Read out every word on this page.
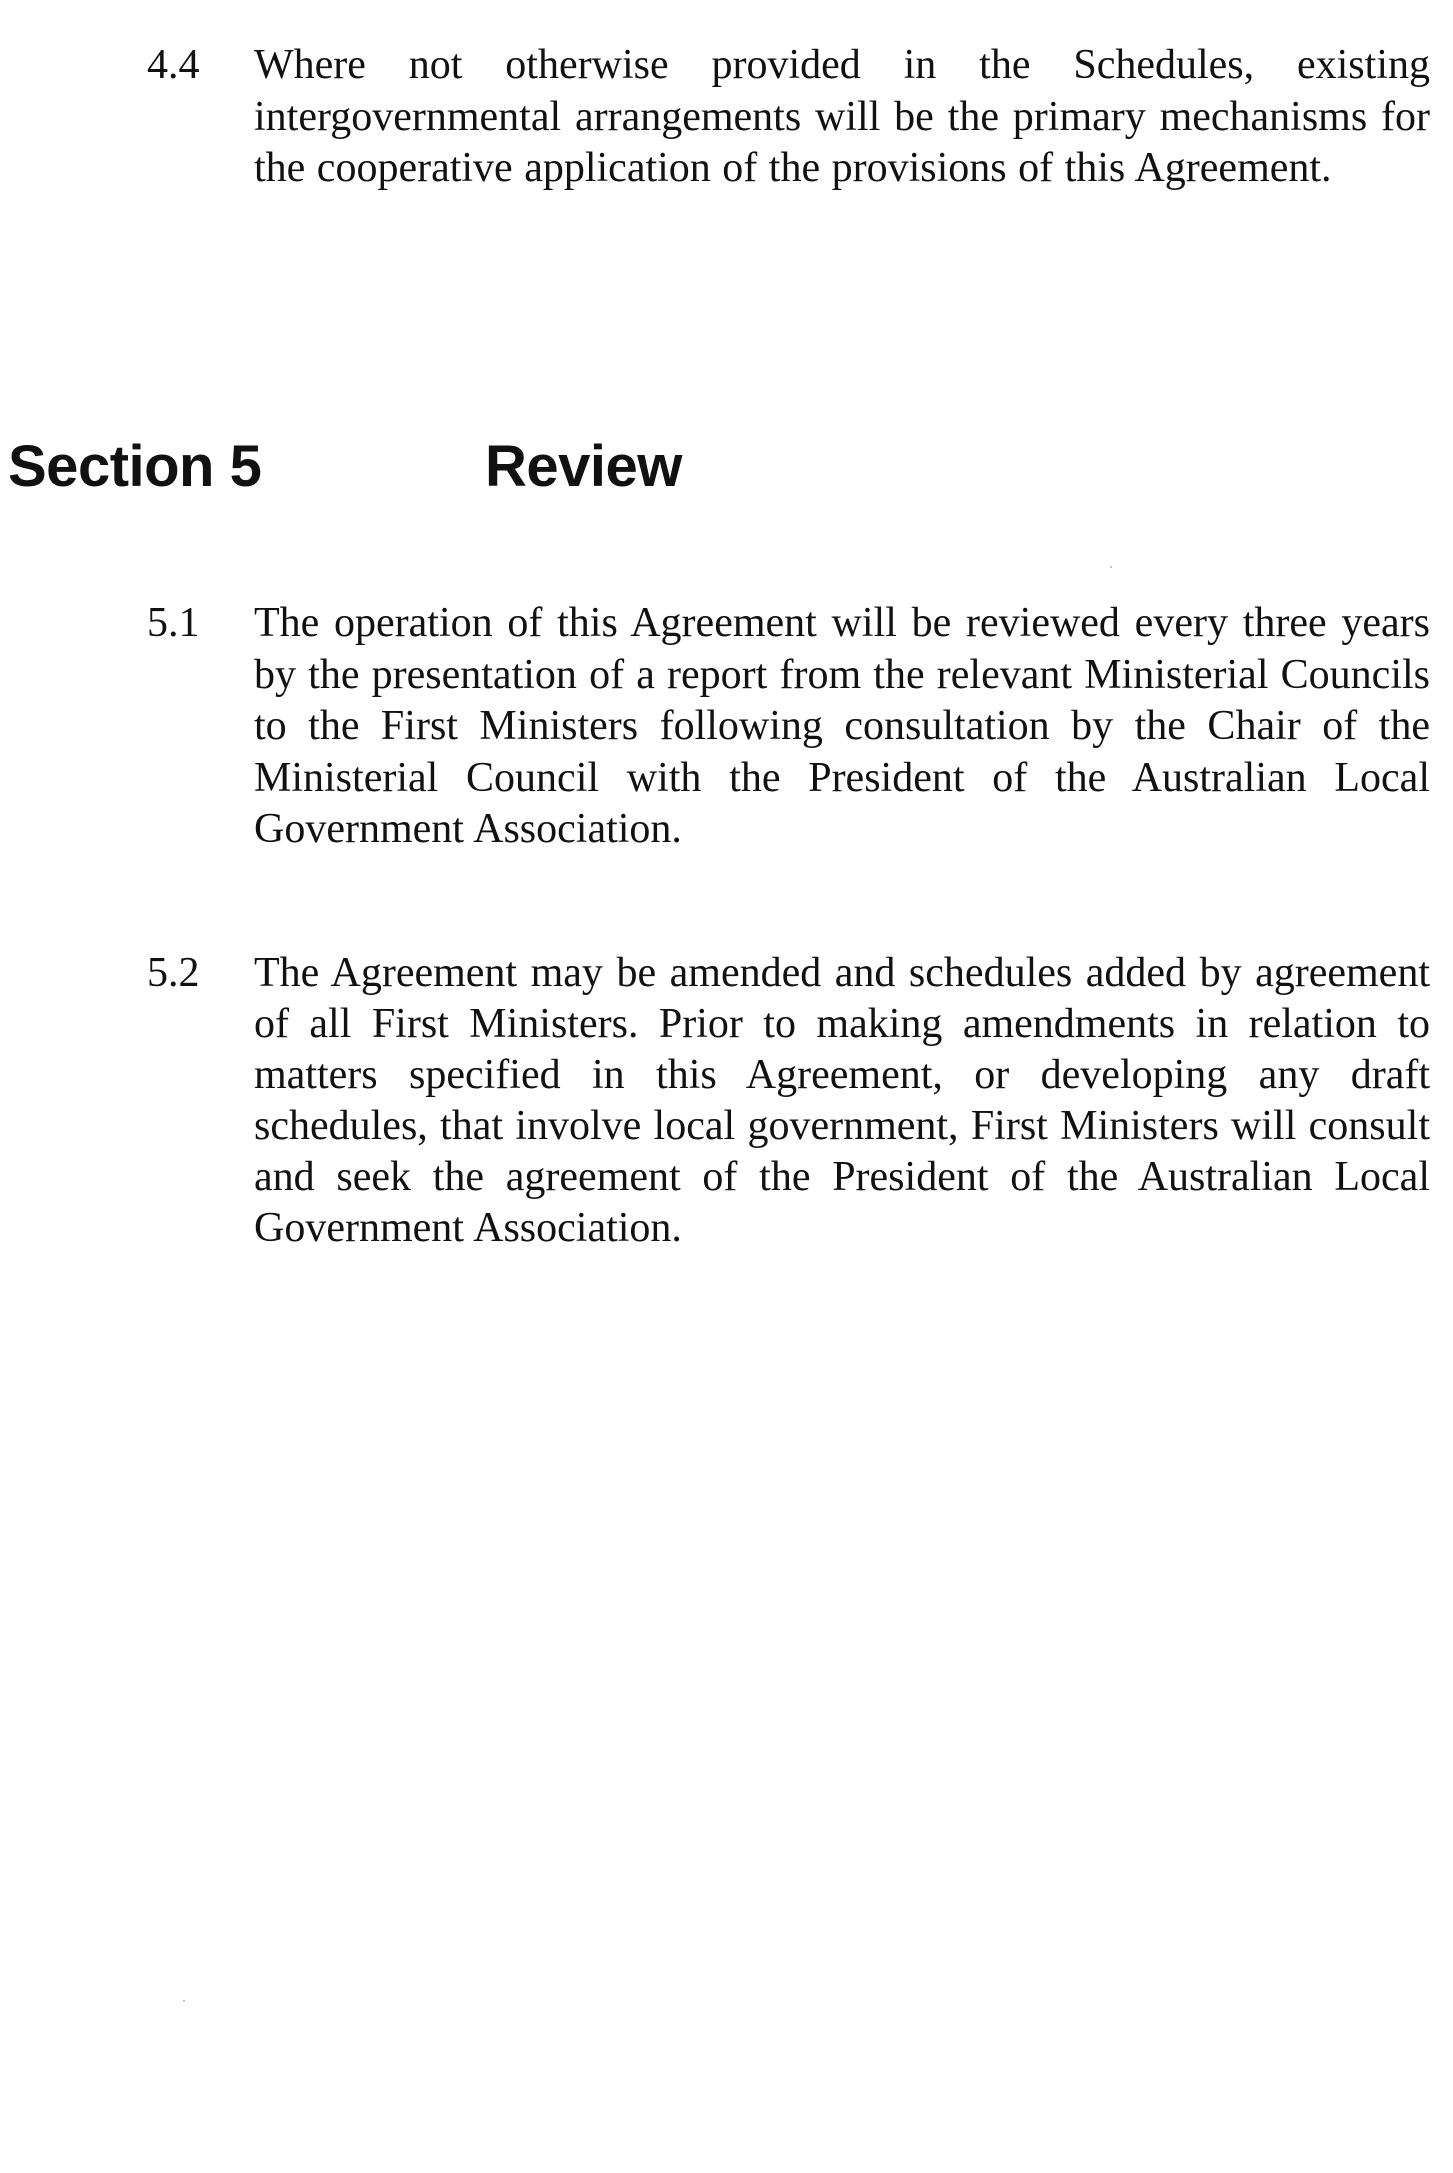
4.4 Where not otherwise provided in the Schedules, existing intergovernmental arrangements will be the primary mechanisms for the cooperative application of the provisions of this Agreement.
Section 5	Review
5.1 The operation of this Agreement will be reviewed every three years by the presentation of a report from the relevant Ministerial Councils to the First Ministers following consultation by the Chair of the Ministerial Council with the President of the Australian Local Government Association.
5.2 The Agreement may be amended and schedules added by agreement of all First Ministers. Prior to making amendments in relation to matters specified in this Agreement, or developing any draft schedules, that involve local government, First Ministers will consult and seek the agreement of the President of the Australian Local Government Association.
